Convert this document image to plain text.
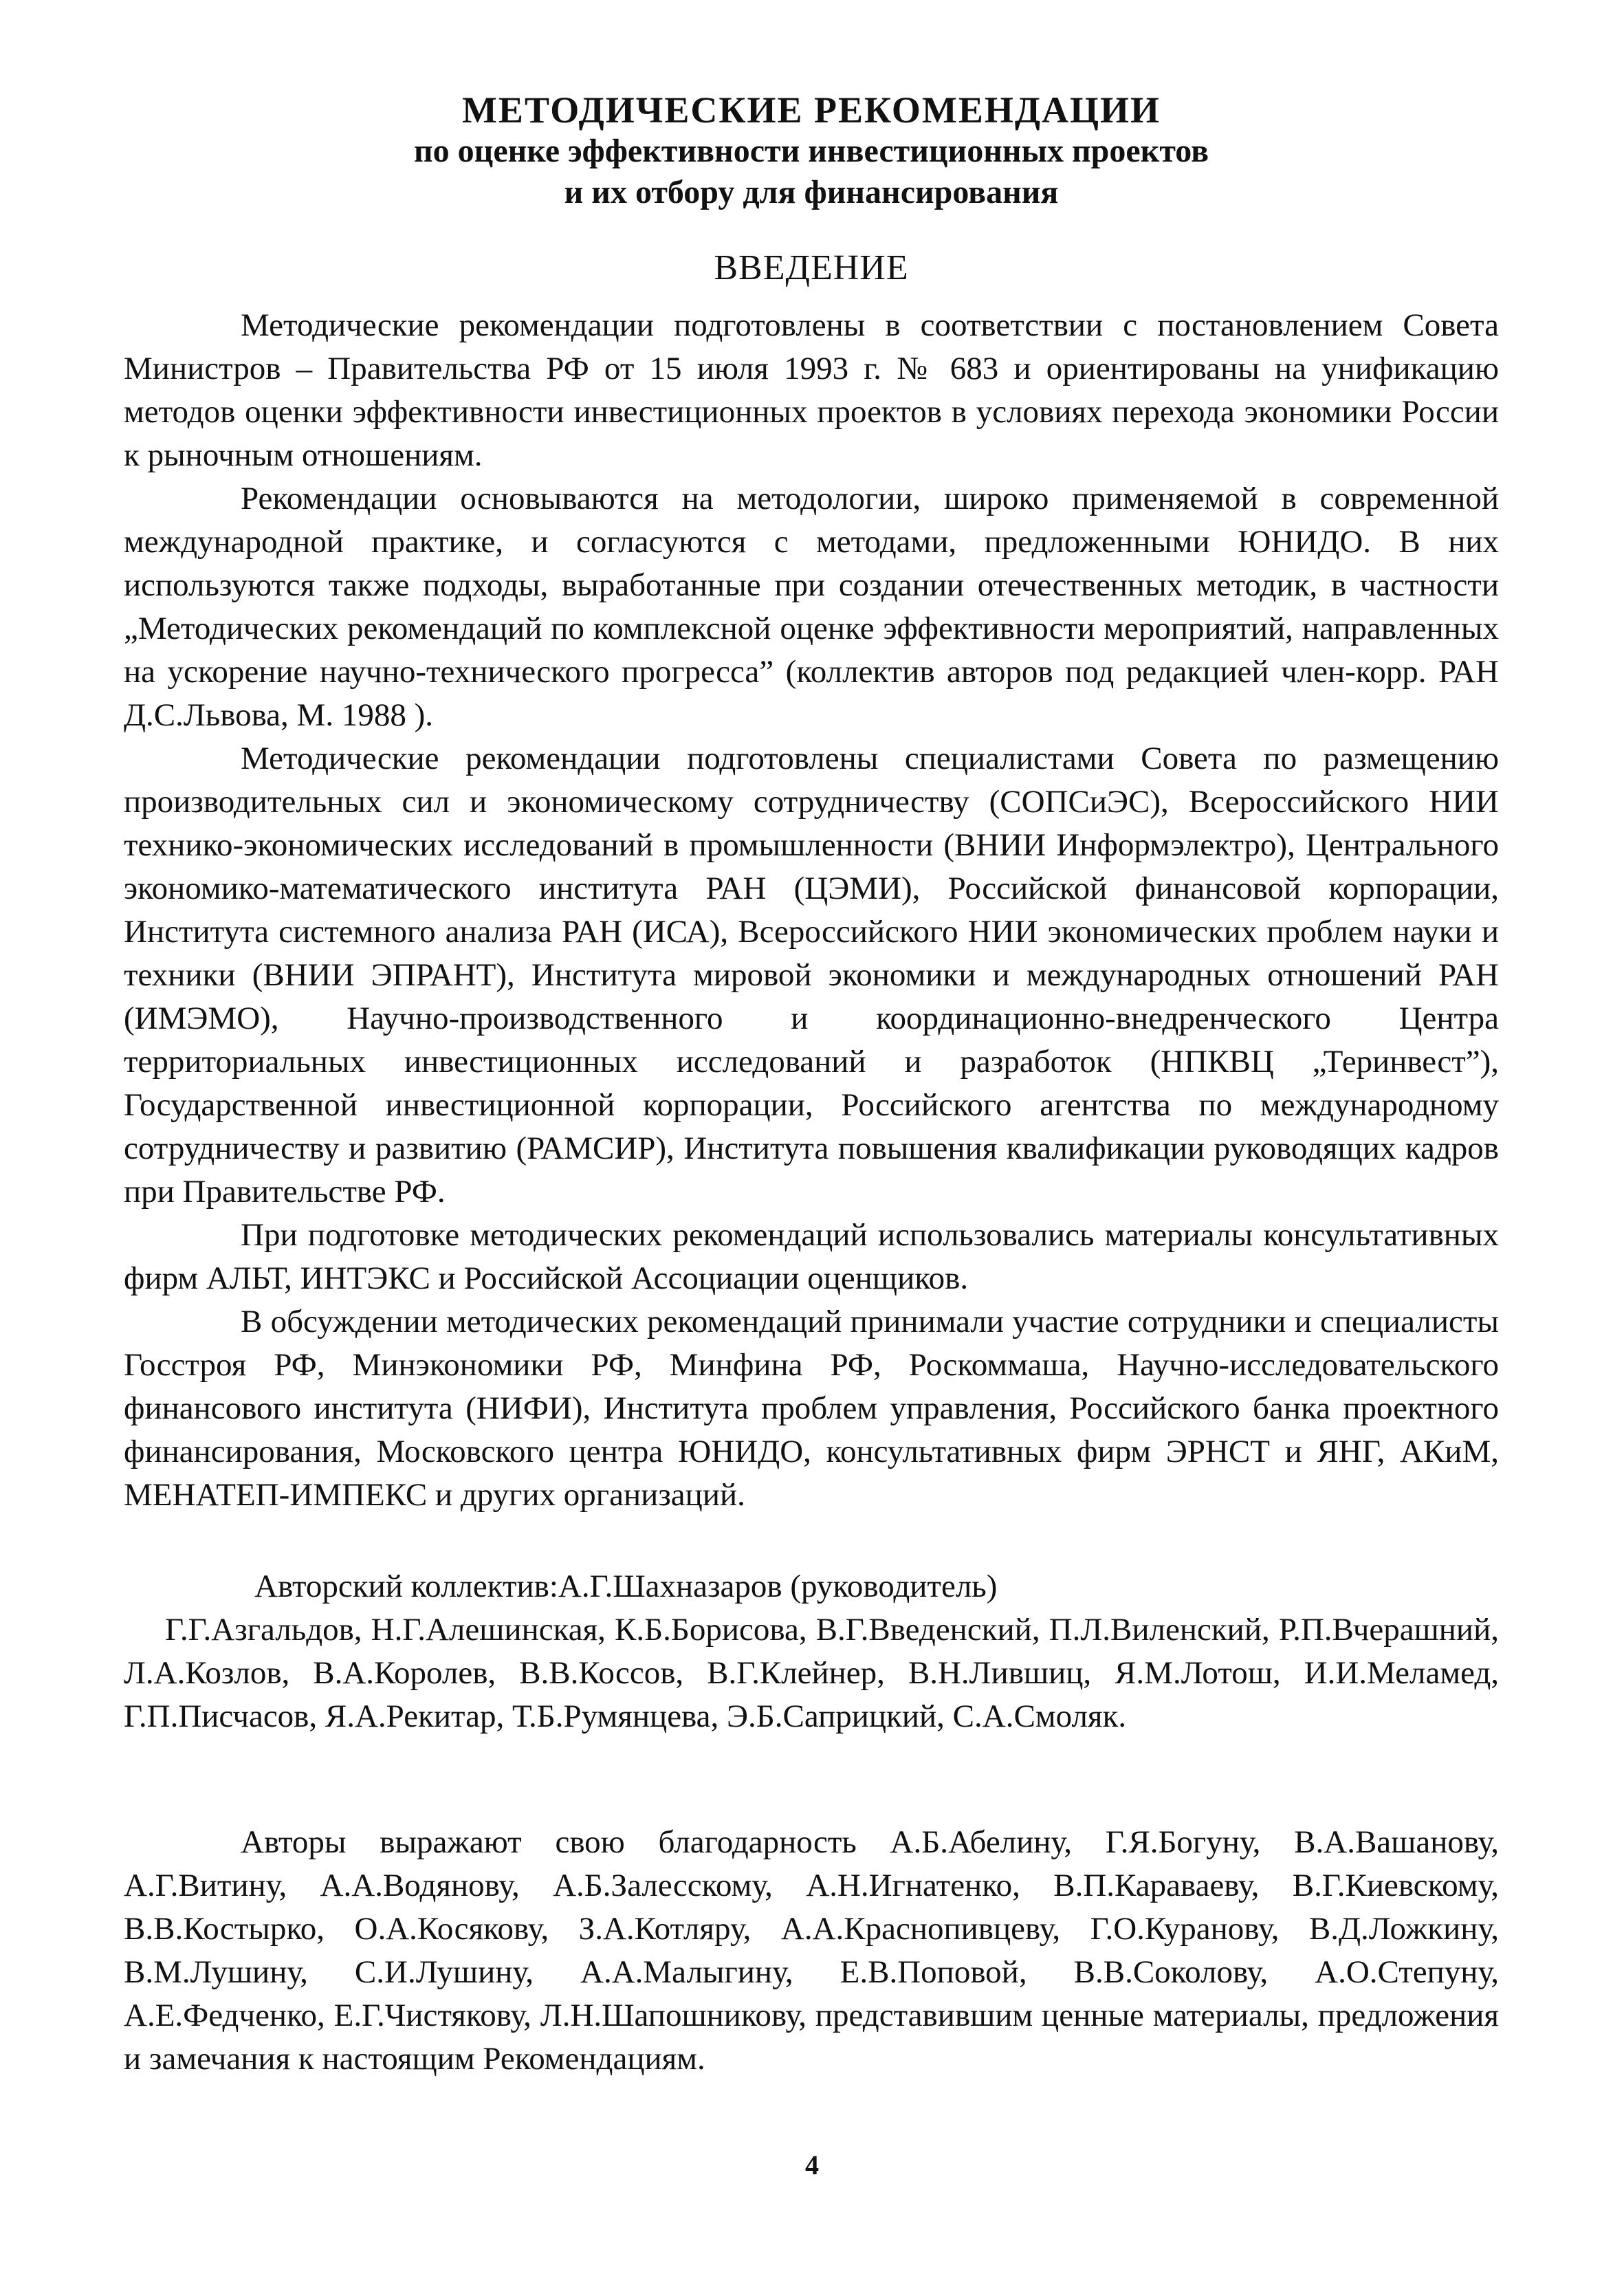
МЕТОДИЧЕСКИЕ РЕКОМЕНДАЦИИ
по оценке эффективности инвестиционных проектов
и их отбору для финансирования
ВВЕДЕНИЕ

Методические рекомендации подготовлены в соответствии с постановлением Совета Министров – Правительства РФ от 15 июля 1993 г. № 683 и ориентированы на унификацию методов оценки эффективности инвестиционных проектов в условиях перехода экономики России к рыночным отношениям.

Рекомендации основываются на методологии, широко применяемой в современной международной практике, и согласуются с методами, предложенными ЮНИДО. В них используются также подходы, выработанные при создании отечественных методик, в частности „Методических рекомендаций по комплексной оценке эффективности мероприятий, направленных на ускорение научно-технического прогресса” (коллектив авторов под редакцией член-корр. РАН Д.С.Львова, М. 1988 ).

Методические рекомендации подготовлены специалистами Совета по размещению производительных сил и экономическому сотрудничеству (СОПСиЭС), Всероссийского НИИ технико-экономических исследований в промышленности (ВНИИ Информэлектро), Центрального экономико-математического института РАН (ЦЭМИ), Российской финансовой корпорации, Института системного анализа РАН (ИСА), Всероссийского НИИ экономических проблем науки и техники (ВНИИ ЭПРАНТ), Института мировой экономики и международных отношений РАН (ИМЭМО), Научно-производственного и координационно-внедренческого Центра территориальных инвестиционных исследований и разработок (НПКВЦ „Теринвест”), Государственной инвестиционной корпорации, Российского агентства по международному сотрудничеству и развитию (РАМСИР), Института повышения квалификации руководящих кадров при Правительстве РФ.

При подготовке методических рекомендаций использовались материалы консультативных фирм АЛЬТ, ИНТЭКС и Российской Ассоциации оценщиков.

В обсуждении методических рекомендаций принимали участие сотрудники и специалисты Госстроя РФ, Минэкономики РФ, Минфина РФ, Роскоммаша, Научно-исследовательского финансового института (НИФИ), Института проблем управления, Российского банка проектного финансирования, Московского центра ЮНИДО, консультативных фирм ЭРНСТ и ЯНГ, АКиМ, МЕНАТЕП-ИМПЕКС и других организаций.

Авторский коллектив:А.Г.Шахназаров (руководитель)

Г.Г.Азгальдов, Н.Г.Алешинская, К.Б.Борисова, В.Г.Введенский, П.Л.Виленский, Р.П.Вчерашний, Л.А.Козлов, В.А.Королев, В.В.Коссов, В.Г.Клейнер, В.Н.Лившиц, Я.М.Лотош, И.И.Меламед, Г.П.Писчасов, Я.А.Рекитар, Т.Б.Румянцева, Э.Б.Саприцкий, С.А.Смоляк.

Авторы выражают свою благодарность А.Б.Абелину, Г.Я.Богуну, В.А.Вашанову, А.Г.Витину, А.А.Водянову, А.Б.Залесскому, А.Н.Игнатенко, В.П.Караваеву, В.Г.Киевскому, В.В.Костырко, О.А.Косякову, З.А.Котляру, А.А.Краснопивцеву, Г.О.Куранову, В.Д.Ложкину, В.М.Лушину, С.И.Лушину, А.А.Малыгину, Е.В.Поповой, В.В.Соколову, А.О.Степуну, А.Е.Федченко, Е.Г.Чистякову, Л.Н.Шапошникову, представившим ценные материалы, предложения и замечания к настоящим Рекомендациям.

4
